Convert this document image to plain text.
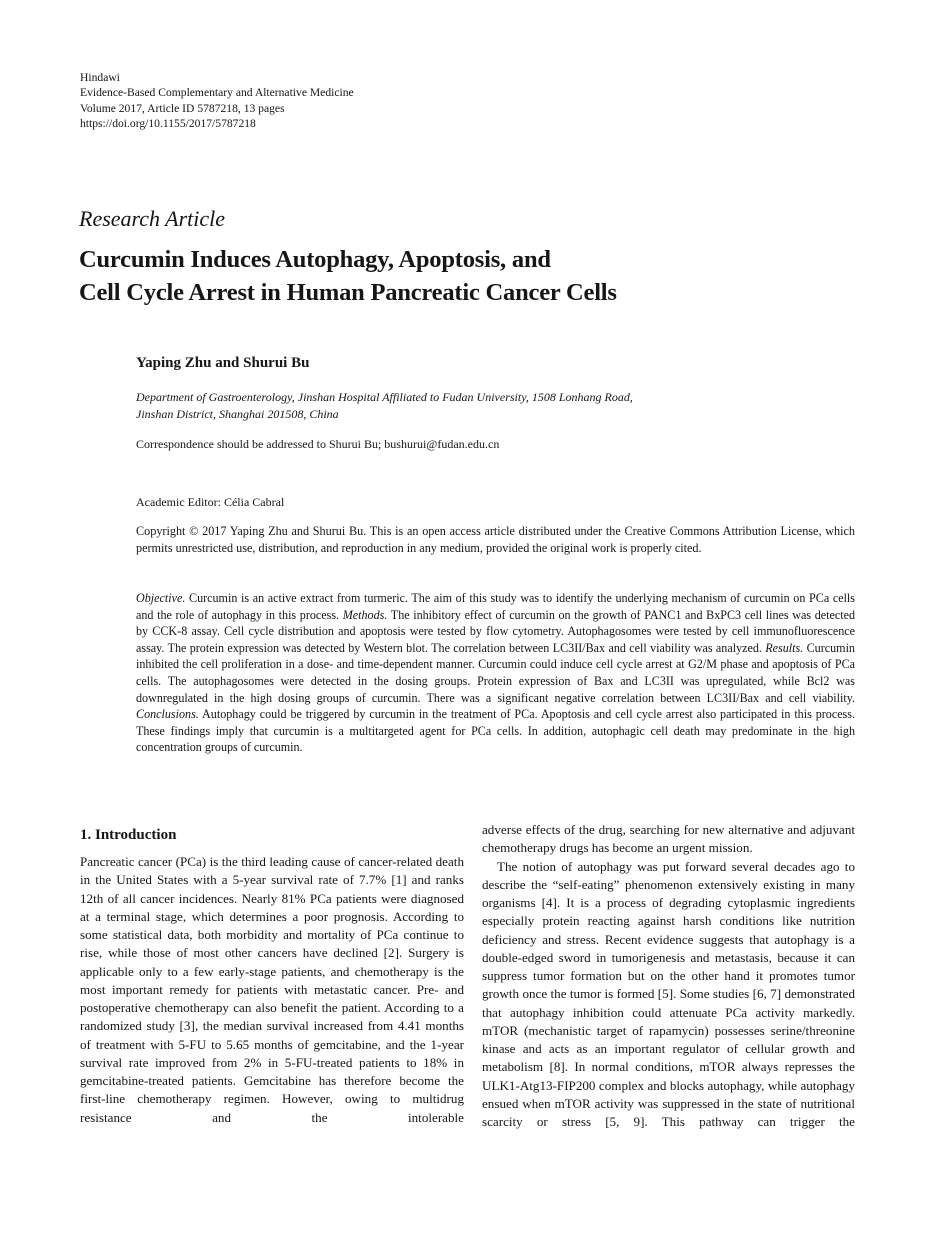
Hindawi
Evidence-Based Complementary and Alternative Medicine
Volume 2017, Article ID 5787218, 13 pages
https://doi.org/10.1155/2017/5787218
Research Article
Curcumin Induces Autophagy, Apoptosis, and
Cell Cycle Arrest in Human Pancreatic Cancer Cells
Yaping Zhu and Shurui Bu
Department of Gastroenterology, Jinshan Hospital Affiliated to Fudan University, 1508 Lonhang Road,
Jinshan District, Shanghai 201508, China
Correspondence should be addressed to Shurui Bu; bushurui@fudan.edu.cn
Academic Editor: Célia Cabral
Copyright © 2017 Yaping Zhu and Shurui Bu. This is an open access article distributed under the Creative Commons Attribution License, which permits unrestricted use, distribution, and reproduction in any medium, provided the original work is properly cited.
Objective. Curcumin is an active extract from turmeric. The aim of this study was to identify the underlying mechanism of curcumin on PCa cells and the role of autophagy in this process. Methods. The inhibitory effect of curcumin on the growth of PANC1 and BxPC3 cell lines was detected by CCK-8 assay. Cell cycle distribution and apoptosis were tested by flow cytometry. Autophagosomes were tested by cell immunofluorescence assay. The protein expression was detected by Western blot. The correlation between LC3II/Bax and cell viability was analyzed. Results. Curcumin inhibited the cell proliferation in a dose- and time-dependent manner. Curcumin could induce cell cycle arrest at G2/M phase and apoptosis of PCa cells. The autophagosomes were detected in the dosing groups. Protein expression of Bax and LC3II was upregulated, while Bcl2 was downregulated in the high dosing groups of curcumin. There was a significant negative correlation between LC3II/Bax and cell viability. Conclusions. Autophagy could be triggered by curcumin in the treatment of PCa. Apoptosis and cell cycle arrest also participated in this process. These findings imply that curcumin is a multitargeted agent for PCa cells. In addition, autophagic cell death may predominate in the high concentration groups of curcumin.
1. Introduction

Pancreatic cancer (PCa) is the third leading cause of cancer-related death in the United States with a 5-year survival rate of 7.7% [1] and ranks 12th of all cancer incidences. Nearly 81% PCa patients were diagnosed at a terminal stage, which determines a poor prognosis. According to some statistical data, both morbidity and mortality of PCa continue to rise, while those of most other cancers have declined [2]. Surgery is applicable only to a few early-stage patients, and chemotherapy is the most important remedy for patients with metastatic cancer. Pre- and postoperative chemotherapy can also benefit the patient. According to a randomized study [3], the median survival increased from 4.41 months of treatment with 5-FU to 5.65 months of gemcitabine, and the 1-year survival rate improved from 2% in 5-FU-treated patients to 18% in gemcitabine-treated patients. Gemcitabine has therefore become the first-line chemotherapy regimen. However, owing to multidrug resistance and the intolerable

adverse effects of the drug, searching for new alternative and adjuvant chemotherapy drugs has become an urgent mission.

The notion of autophagy was put forward several decades ago to describe the “self-eating” phenomenon extensively existing in many organisms [4]. It is a process of degrading cytoplasmic ingredients especially protein reacting against harsh conditions like nutrition deficiency and stress. Recent evidence suggests that autophagy is a double-edged sword in tumorigenesis and metastasis, because it can suppress tumor formation but on the other hand it promotes tumor growth once the tumor is formed [5]. Some studies [6, 7] demonstrated that autophagy inhibition could attenuate PCa activity markedly. mTOR (mechanistic target of rapamycin) possesses serine/threonine kinase and acts as an important regulator of cellular growth and metabolism [8]. In normal conditions, mTOR always represses the ULK1-Atg13-FIP200 complex and blocks autophagy, while autophagy ensued when mTOR activity was suppressed in the state of nutritional scarcity or stress [5, 9]. This pathway can trigger the
